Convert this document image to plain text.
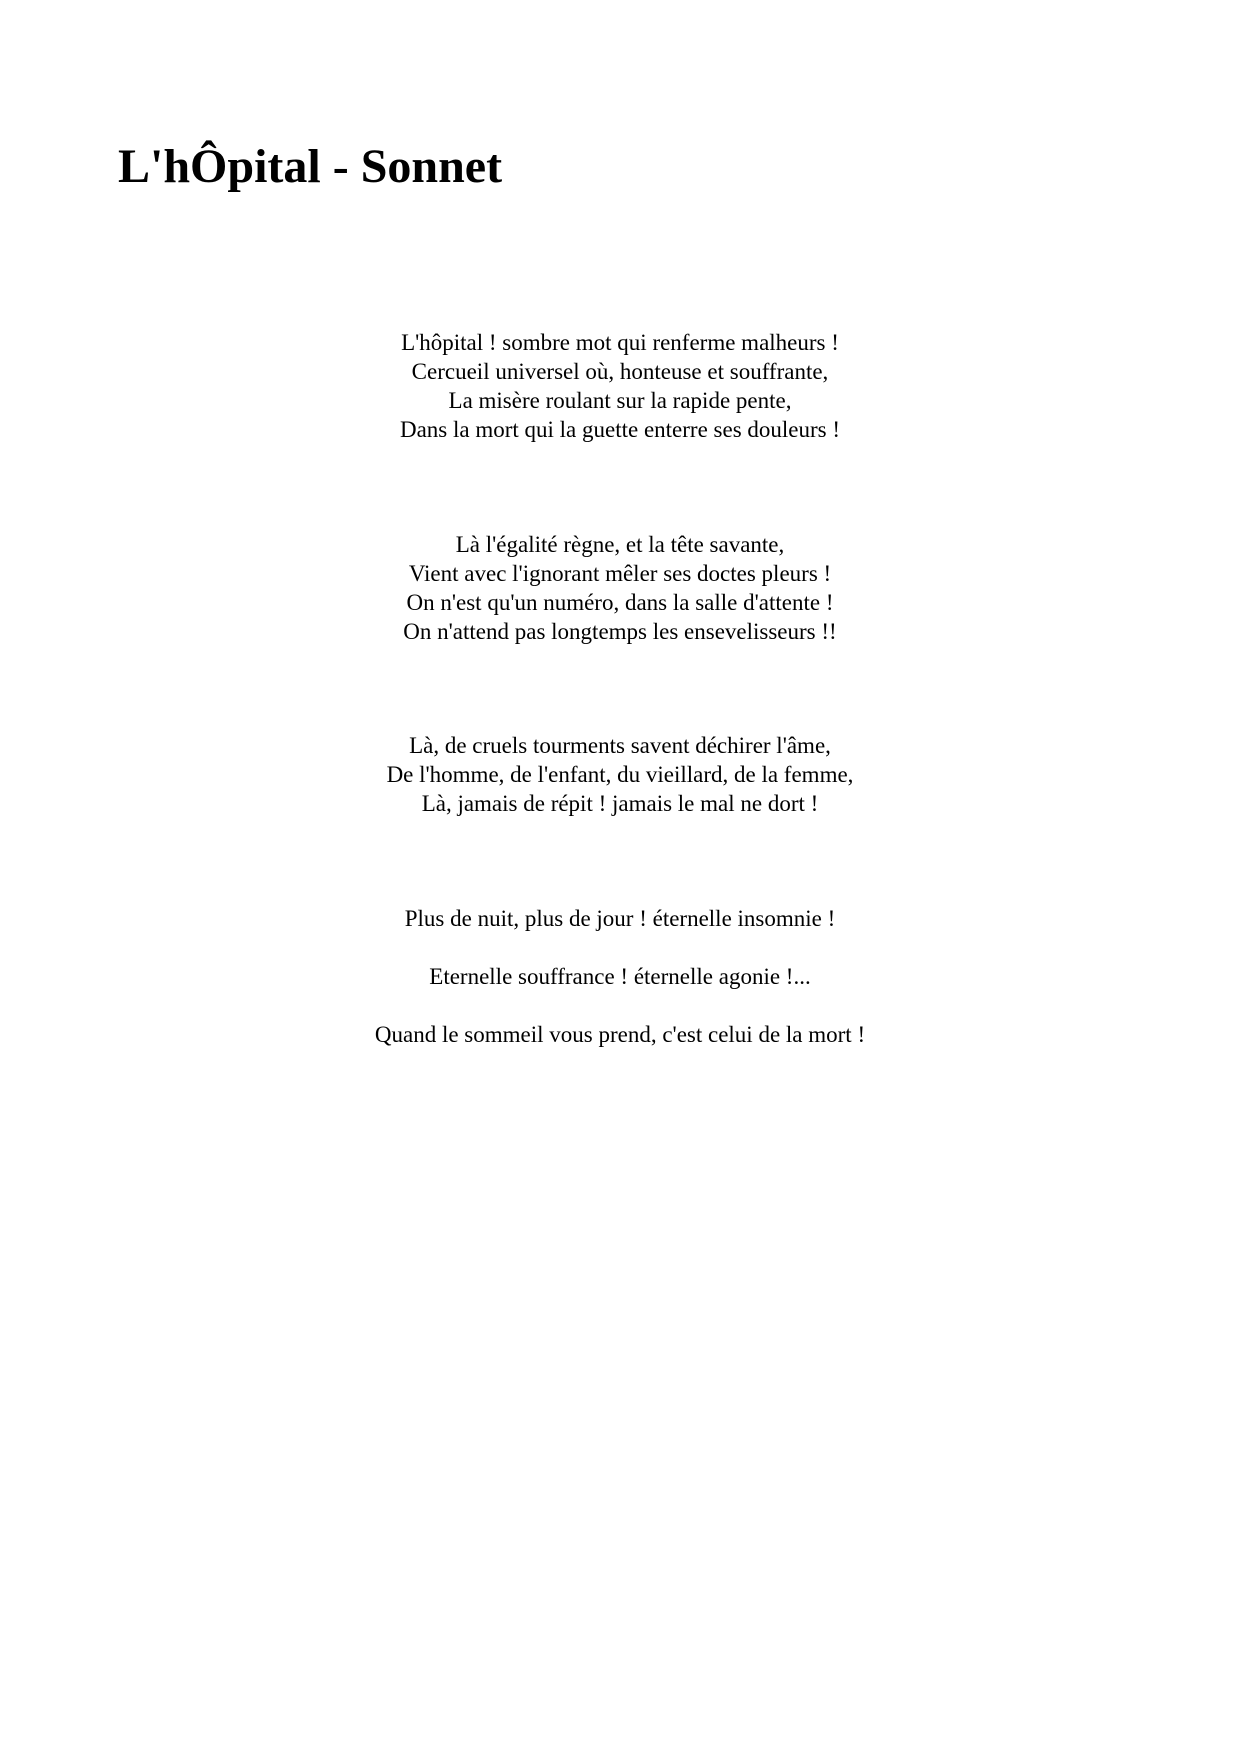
L'hÔpital - Sonnet
L'hôpital ! sombre mot qui renferme malheurs !
Cercueil universel où, honteuse et souffrante,
La misère roulant sur la rapide pente,
Dans la mort qui la guette enterre ses douleurs !
Là l'égalité règne, et la tête savante,
Vient avec l'ignorant mêler ses doctes pleurs !
On n'est qu'un numéro, dans la salle d'attente !
On n'attend pas longtemps les ensevelisseurs !!
Là, de cruels tourments savent déchirer l'âme,
De l'homme, de l'enfant, du vieillard, de la femme,
Là, jamais de répit ! jamais le mal ne dort !
Plus de nuit, plus de jour ! éternelle insomnie !
Eternelle souffrance ! éternelle agonie !...
Quand le sommeil vous prend, c'est celui de la mort !
